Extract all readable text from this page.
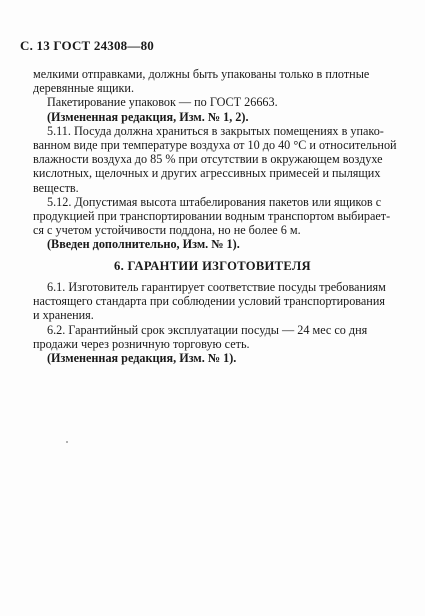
С. 13 ГОСТ 24308—80
мелкими отправками, должны быть упакованы только в плотные
деревянные ящики.
Пакетирование упаковок — по ГОСТ 26663.
(Измененная редакция, Изм. № 1, 2).
5.11. Посуда должна храниться в закрытых помещениях в упако-
ванном виде при температуре воздуха от 10 до 40 °С и относительной
влажности воздуха до 85 % при отсутствии в окружающем воздухе
кислотных, щелочных и других агрессивных примесей и пылящих
веществ.
5.12. Допустимая высота штабелирования пакетов или ящиков с
продукцией при транспортировании водным транспортом выбирает-
ся с учетом устойчивости поддона, но не более 6 м.
(Введен дополнительно, Изм. № 1).
6. ГАРАНТИИ ИЗГОТОВИТЕЛЯ
6.1. Изготовитель гарантирует соответствие посуды требованиям
настоящего стандарта при соблюдении условий транспортирования
и хранения.
6.2. Гарантийный срок эксплуатации посуды — 24 мес со дня
продажи через розничную торговую сеть.
(Измененная редакция, Изм. № 1).
